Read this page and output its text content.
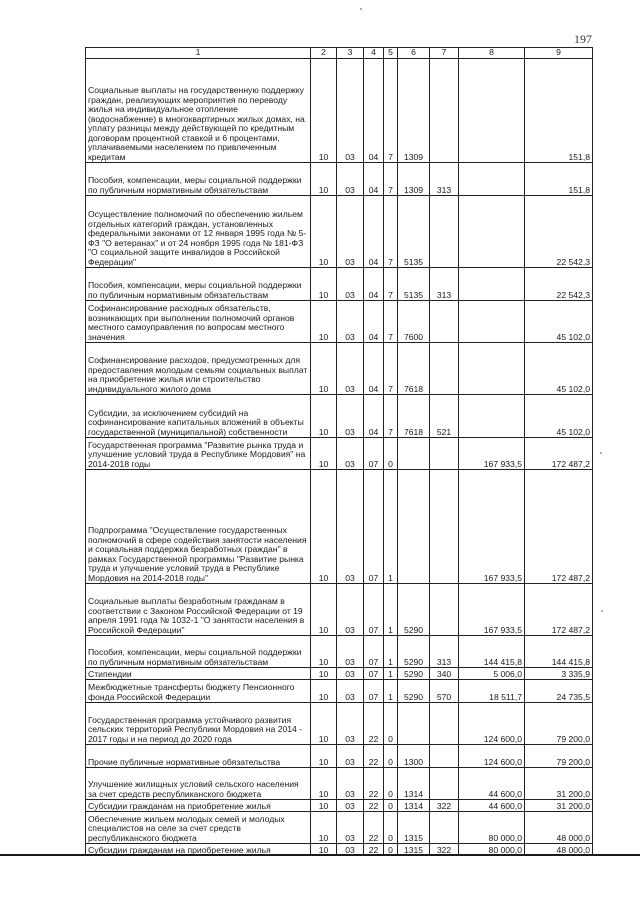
197
1	2	3	4	5	6	7	8	9
Социальные выплаты на государственную поддержку граждан, реализующих мероприятия по переводу жилья на индивидуальное отопление (водоснабжение) в многоквартирных жилых домах, на уплату разницы между действующей по кредитным договорам процентной ставкой и 6 процентами, уплачиваемыми населением по привлеченным кредитам	10	03	04	7	1309			151,8
Пособия, компенсации, меры социальной поддержки по публичным нормативным обязательствам	10	03	04	7	1309	313		151,8
Осуществление полномочий по обеспечению жильем отдельных категорий граждан, установленных федеральными законами от 12 января 1995 года № 5-ФЗ "О ветеранах" и от 24 ноября 1995 года № 181-ФЗ "О социальной защите инвалидов в Российской Федерации"	10	03	04	7	5135			22 542,3
Пособия, компенсации, меры социальной поддержки по публичным нормативным обязательствам	10	03	04	7	5135	313		22 542,3
Софинансирование расходных обязательств, возникающих при выполнении полномочий органов местного самоуправления по вопросам местного значения	10	03	04	7	7600			45 102,0
Софинансирование расходов, предусмотренных для предоставления молодым семьям социальных выплат на приобретение жилья или строительство индивидуального жилого дома	10	03	04	7	7618			45 102,0
Субсидии, за исключением субсидий на софинансирование капитальных вложений в объекты государственной (муниципальной) собственности	10	03	04	7	7618	521		45 102,0
Государственная программа "Развитие рынка труда и улучшение условий труда в Республике Мордовия" на 2014-2018 годы	10	03	07	0			167 933,5	172 487,2
Подпрограмма "Осуществление государственных полномочий в сфере содействия занятости населения и социальная поддержка безработных граждан" в рамках Государственной программы "Развитие рынка труда и улучшение условий труда в Республике Мордовия на 2014-2018 годы"	10	03	07	1			167 933,5	172 487,2
Социальные выплаты безработным гражданам в соответствии с Законом Российской Федерации от 19 апреля 1991 года № 1032-1 "О занятости населения в Российской Федерации"	10	03	07	1	5290		167 933,5	172 487,2
Пособия, компенсации, меры социальной поддержки по публичным нормативным обязательствам	10	03	07	1	5290	313	144 415,8	144 415,8
Стипендии	10	03	07	1	5290	340	5 006,0	3 335,9
Межбюджетные трансферты бюджету Пенсионного фонда Российской Федерации	10	03	07	1	5290	570	18 511,7	24 735,5
Государственная программа устойчивого развития сельских территорий Республики Мордовия на 2014 - 2017 годы и на период до 2020 года	10	03	22	0			124 600,0	79 200,0
Прочие публичные нормативные обязательства	10	03	22	0	1300		124 600,0	79 200,0
Улучшение жилищных условий сельского населения за счет средств республиканского бюджета	10	03	22	0	1314		44 600,0	31 200,0
Субсидии гражданам на приобретение жилья	10	03	22	0	1314	322	44 600,0	31 200,0
Обеспечение жильем молодых семей и молодых специалистов на селе за счет средств республиканского бюджета	10	03	22	0	1315		80 000,0	48 000,0
Субсидии гражданам на приобретение жилья	10	03	22	0	1315	322	80 000,0	48 000,0
